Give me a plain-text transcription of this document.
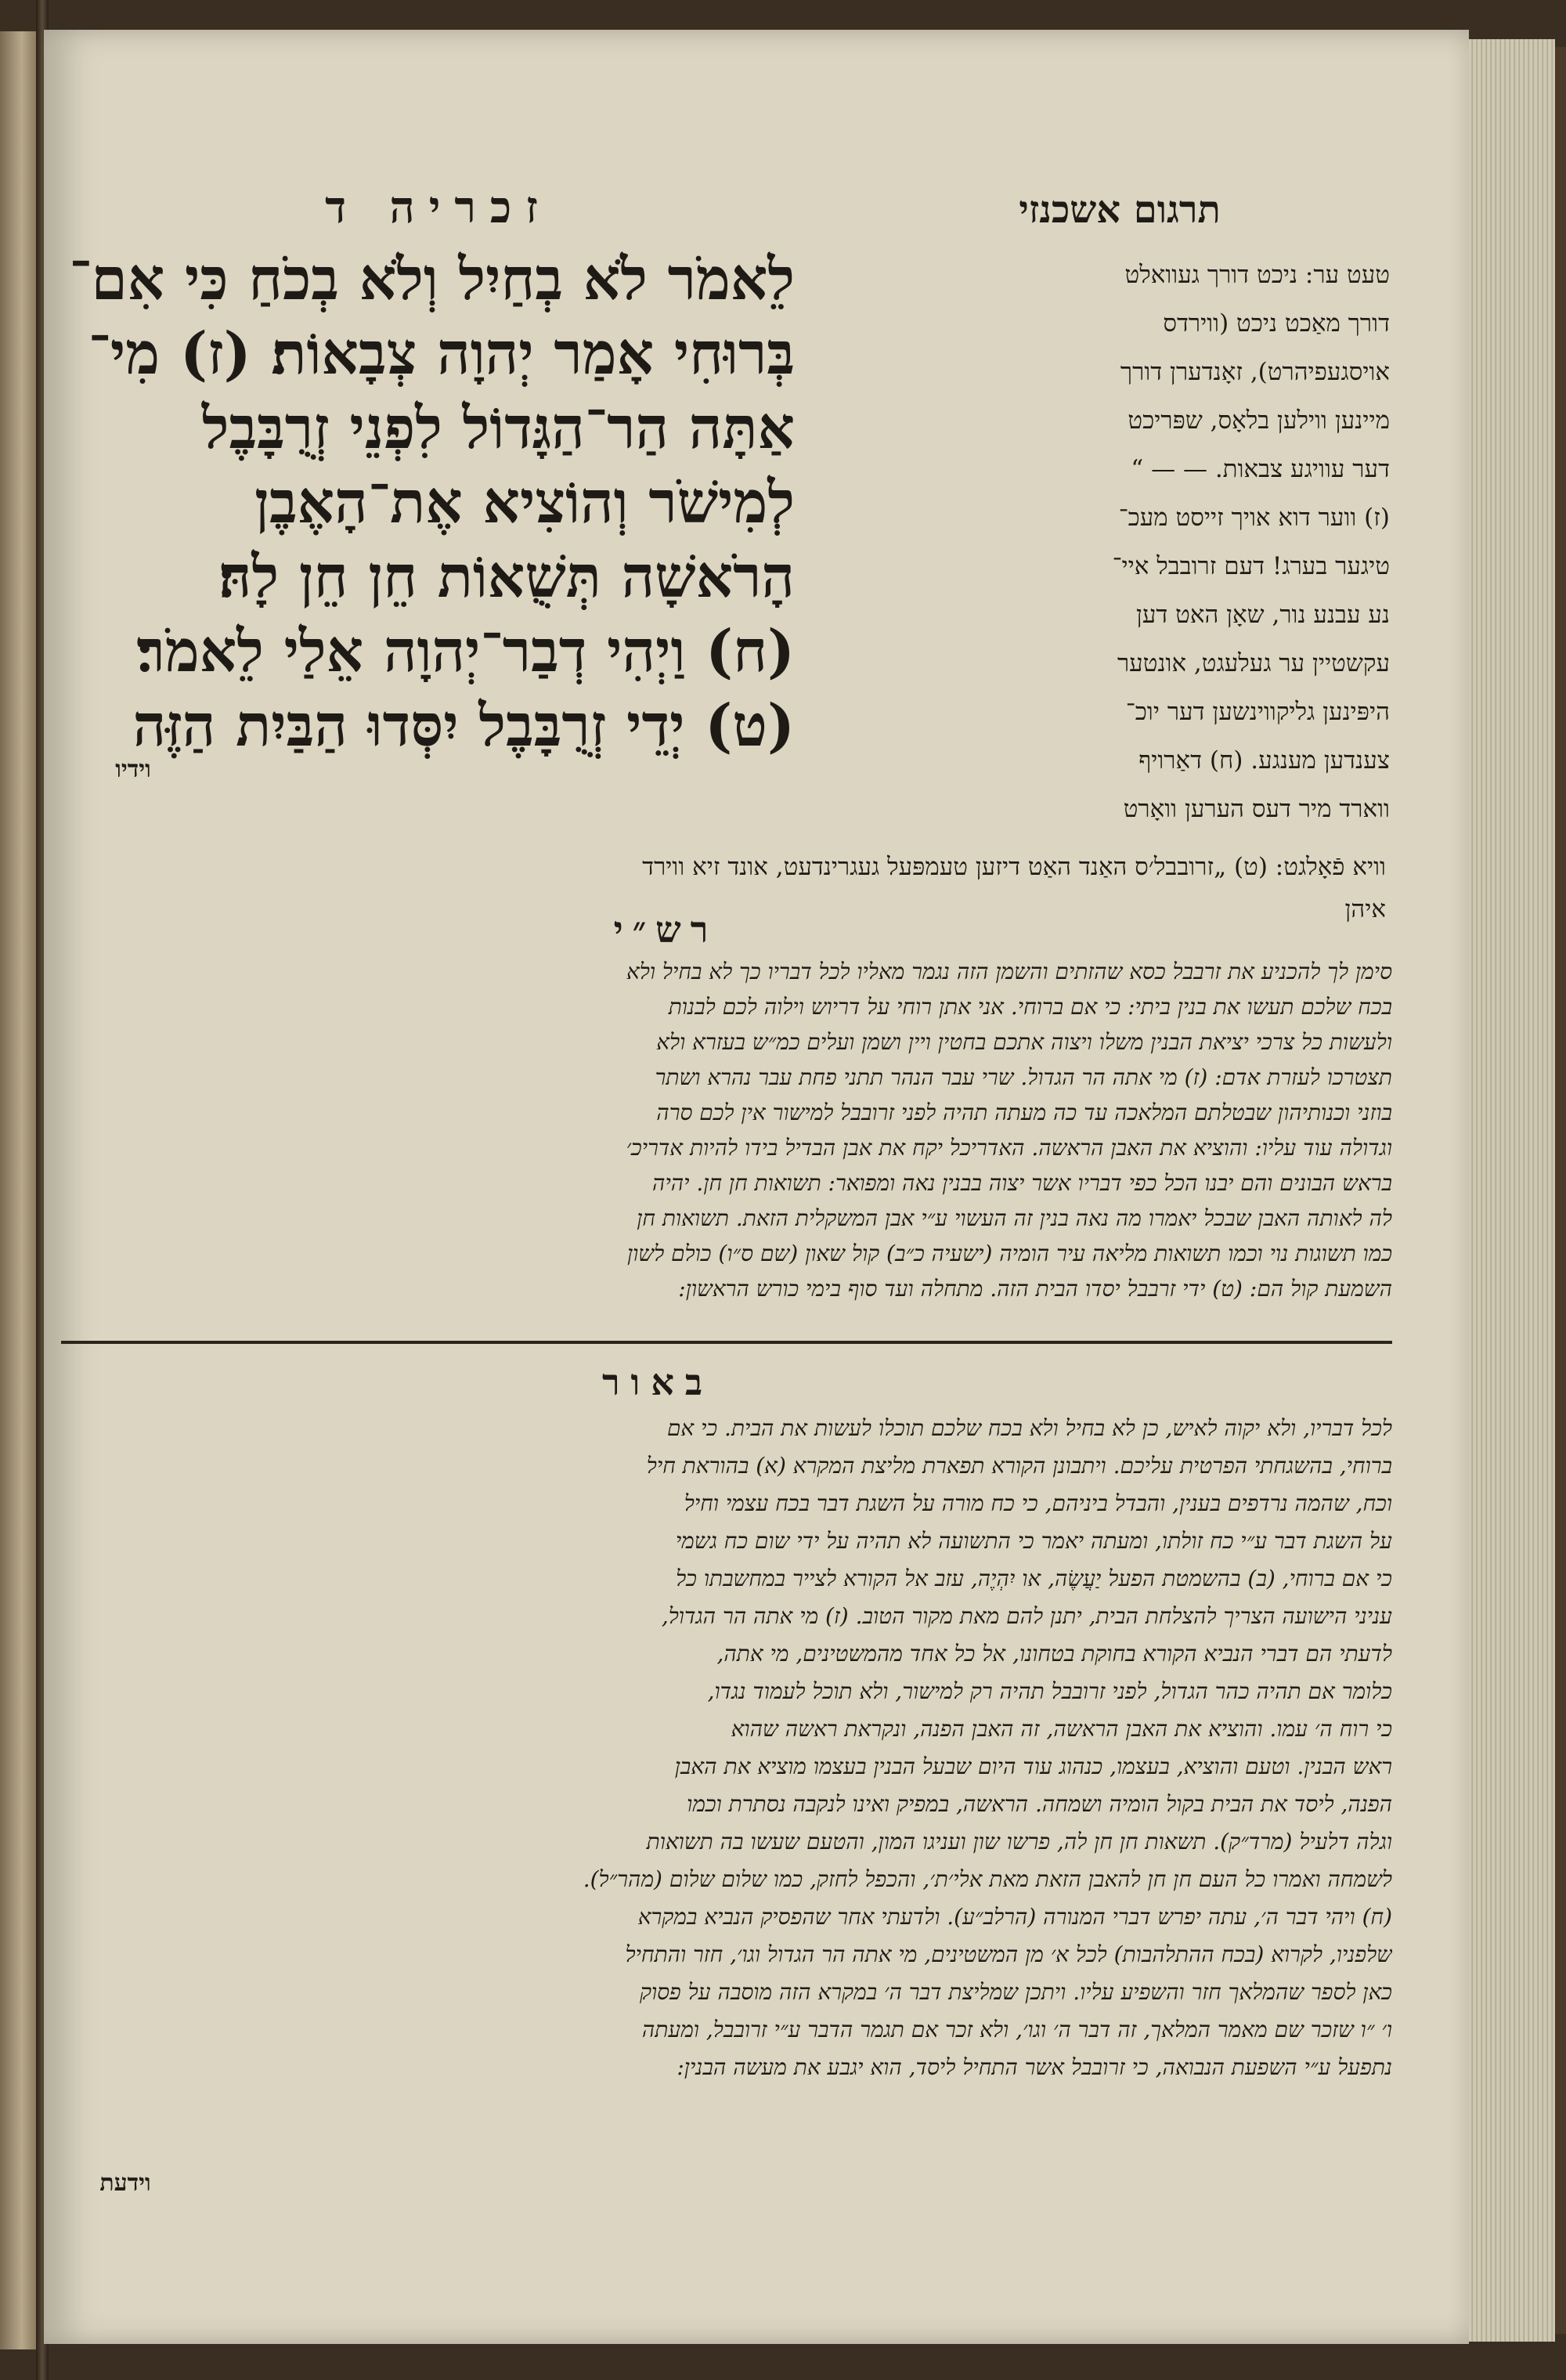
זכריה ד	תרגום אשכנזי
לֵאמֹר לֹא בְחַיִל וְלֹא בְכֹחַ כִּי אִם־
בְּרוּחִי אָמַר יְהוָה צְבָאוֹת׃ (ז) מִי־
אַתָּה הַר־הַגָּדוֹל לִפְנֵי זְרֻבָּבֶל
לְמִישֹׁר וְהוֹצִיא אֶת־הָאֶבֶן
הָרֹאשָׁה תְּשֻׁאוֹת חֵן חֵן לָהּ׃
(ח) וַיְהִי דְבַר־יְהוָה אֵלַי לֵאמֹר׃
(ט) יְדֵי זְרֻבָּבֶל יִסְּדוּ הַבַּיִת הַזֶּה
וידיו
טעט ער: ניכט דורך געוואלט
דורך מאַכט ניכט (ווירדס
אויסגעפיהרט), זאָנדערן דורך
מיינען ווילען בלאָס, שפּריכט
דער עוויגע צבאות. — — “
(ז) ווער דוא אויך זייסט מעכ־
טיגער בערג! דעם זרובבל איי־
נע עבנע נור, שאָן האט דען
עקשטיין ער געלעגט, אונטער
היפּינען גליקווינשען דער יוכ־
צענדען מענגע. (ח) דאַרויף
ווארד מיר דעס הערען וואָרט
וויא פֿאָלגט: (ט) „זרובבל׳ס האַנד האַט דיזען טעמפּעל געגרינדעט, אונד זיא ווירד
איהן
רש״י
סימן לך להכניע את זרבבל כסא שהזתים והשמן הזה נגמר מאליו לכל דבריו כך לא בחיל ולא
בכח שלכם תעשו את בנין ביתי: כי אם ברוחי. אני אתן רוחי על דריוש וילוה לכם לבנות
ולעשות כל צרכי יציאת הבנין משלו ויצוה אתכם בחטין ויין ושמן ועלים כמ״ש בעזרא ולא
תצטרכו לעזרת אדם: (ז) מי אתה הר הגדול. שרי עבר הנהר תתני פחת עבר נהרא ושתר
בוזני וכנותיהון שבטלתם המלאכה עד כה מעתה תהיה לפני זרובבל למישור אין לכם סרה
וגדולה עוד עליו: והוציא את האבן הראשה. האדריכל יקח את אבן הבדיל בידו להיות אדריכ׳
בראש הבונים והם יבנו הכל כפי דבריו אשר יצוה בבנין נאה ומפואר: תשואות חן חן. יהיה
לה לאותה האבן שבכל יאמרו מה נאה בנין זה העשוי ע״י אבן המשקלית הזאת. תשואות חן
כמו תשוגות נוי וכמו תשואות מליאה עיר הומיה (ישעיה כ״ב) קול שאון (שם ס״ו) כולם לשון
השמעת קול הם: (ט) ידי זרבבל יסדו הבית הזה. מתחלה ועד סוף בימי כורש הראשון:
באור
לכל דבריו, ולא יקוה לאיש, כן לא בחיל ולא בכח שלכם תוכלו לעשות את הבית. כי אם
ברוחי, בהשגחתי הפרטית עליכם. ויתבונן הקורא תפארת מליצת המקרא (א) בהוראת חיל
וכח, שהמה נרדפים בענין, והבדל ביניהם, כי כח מורה על השגת דבר בכח עצמי וחיל
על השגת דבר ע״י כח זולתו, ומעתה יאמר כי התשועה לא תהיה על ידי שום כח גשמי
כי אם ברוחי, (ב) בהשמטת הפעל יַעֲשֶׂה, או יִהְיֶה, עזב אל הקורא לצייר במחשבתו כל
עניני הישועה הצריך להצלחת הבית, יתנן להם מאת מקור הטוב. (ז) מי אתה הר הגדול,
לדעתי הם דברי הנביא הקורא בחוקת בטחונו, אל כל אחד מהמשטינים, מי אתה,
כלומר אם תהיה כהר הגדול, לפני זרובבל תהיה רק למישור, ולא תוכל לעמוד נגדו,
כי רוח ה׳ עמו. והוציא את האבן הראשה, זה האבן הפנה, ונקראת ראשה שהוא
ראש הבנין. וטעם והוציא, בעצמו, כנהוג עוד היום שבעל הבנין בעצמו מוציא את האבן
הפנה, ליסד את הבית בקול הומיה ושמחה. הראשה, במפיק ואינו לנקבה נסתרת וכמו
וגלה דלעיל (מרד״ק). תשאות חן חן לה, פרשו שון ועניגו המון, והטעם שעשו בה תשואות
לשמחה ואמרו כל העם חן חן להאבן הזאת מאת אלי׳ת׳, והכפל לחזק, כמו שלום שלום (מהר״ל).
(ח) ויהי דבר ה׳, עתה יפרש דברי המנורה (הרלב״ע). ולדעתי אחר שהפסיק הנביא במקרא
שלפניו, לקרוא (בכח ההתלהבות) לכל א׳ מן המשטינים, מי אתה הר הגדול וגו׳, חזר והתחיל
כאן לספר שהמלאך חזר והשפיע עליו. ויתכן שמליצת דבר ה׳ במקרא הזה מוסבה על פסוק
ו׳ ״ו שזכר שם מאמר המלאך, זה דבר ה׳ וגו׳, ולא זכר אם תגמר הדבר ע״י זרובבל, ומעתה
נתפעל ע״י השפעת הנבואה, כי זרובבל אשר התחיל ליסד, הוא יגבע את מעשה הבנין:
וידעת
